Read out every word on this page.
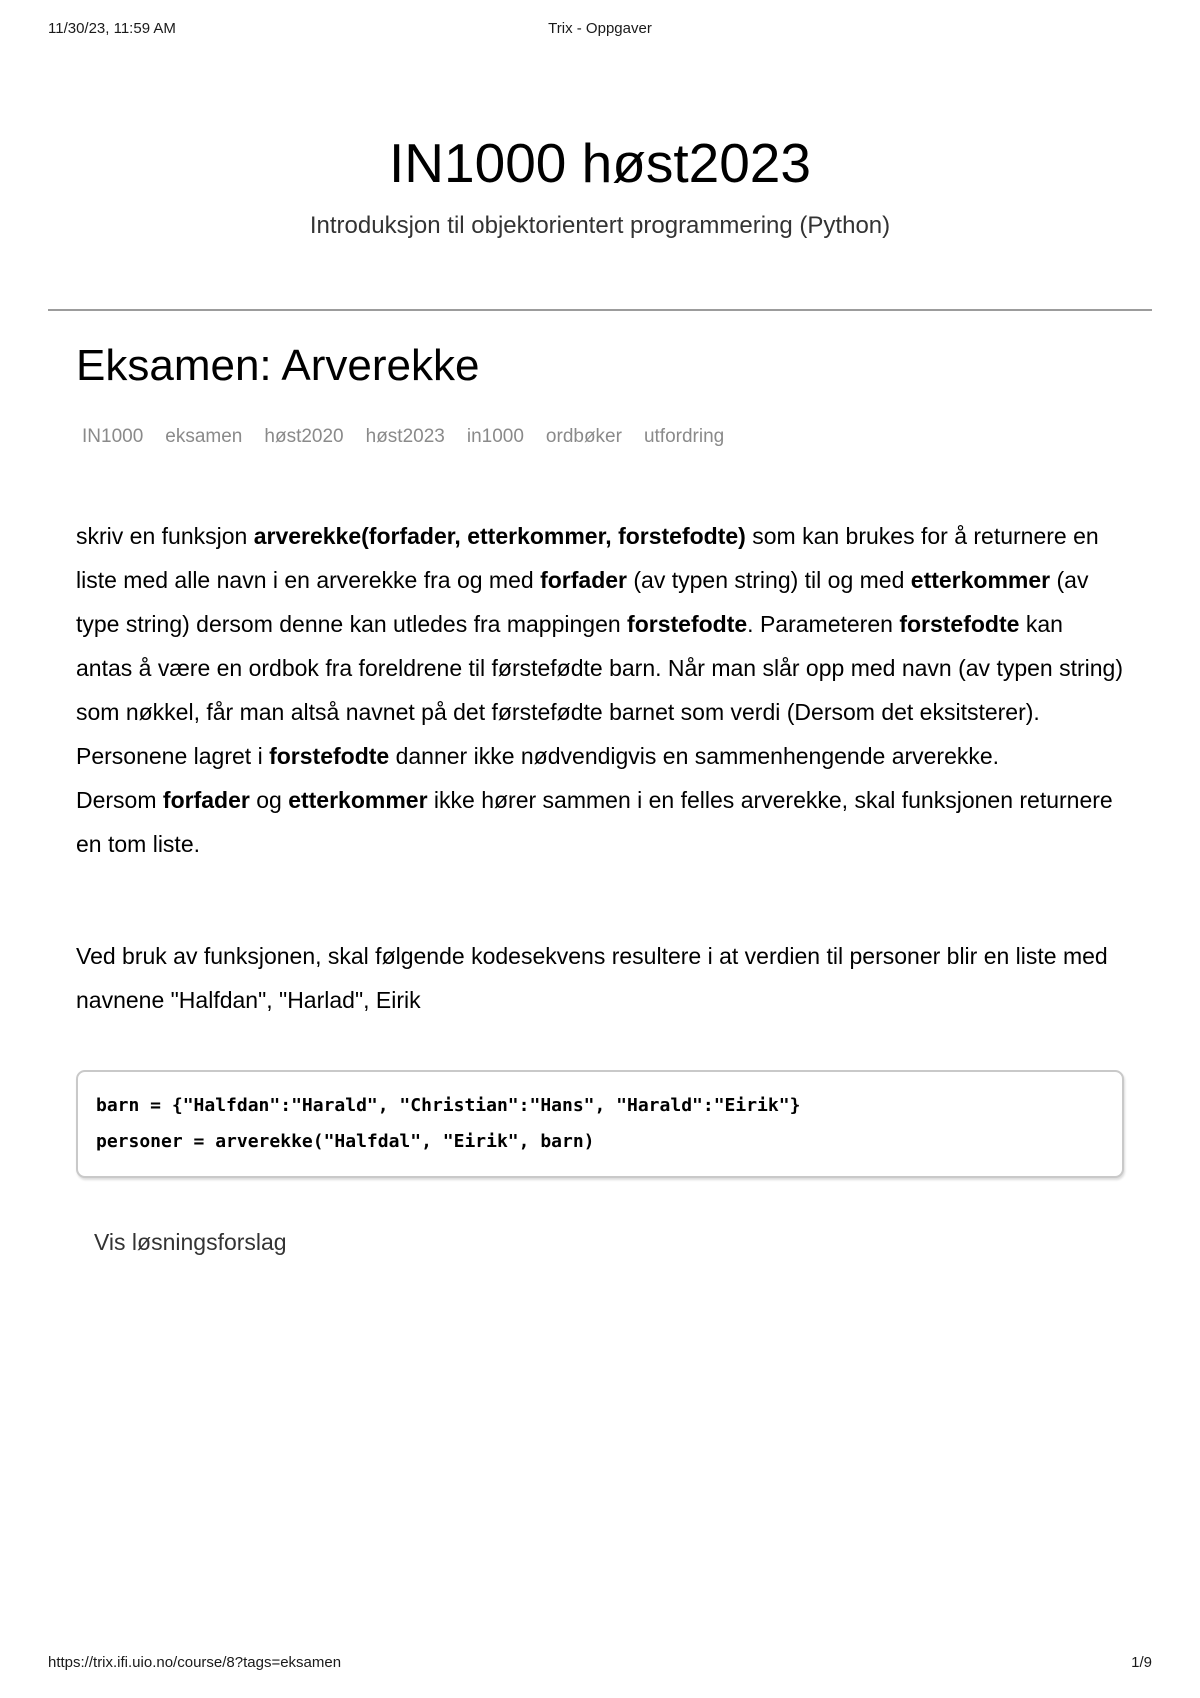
11/30/23, 11:59 AM	Trix - Oppgaver
IN1000 høst2023
Introduksjon til objektorientert programmering (Python)
Eksamen: Arverekke
IN1000 eksamen høst2020 høst2023 in1000 ordbøker utfordring

skriv en funksjon arverekke(forfader, etterkommer, forstefodte) som kan brukes for å returnere en liste med alle navn i en arverekke fra og med forfader (av typen string) til og med etterkommer (av type string) dersom denne kan utledes fra mappingen forstefodte. Parameteren forstefodte kan antas å være en ordbok fra foreldrene til førstefødte barn. Når man slår opp med navn (av typen string) som nøkkel, får man altså navnet på det førstefødte barnet som verdi (Dersom det eksitsterer). Personene lagret i forstefodte danner ikke nødvendigvis en sammenhengende arverekke.
Dersom forfader og etterkommer ikke hører sammen i en felles arverekke, skal funksjonen returnere en tom liste.

Ved bruk av funksjonen, skal følgende kodesekvens resultere i at verdien til personer blir en liste med navnene "Halfdan", "Harlad", Eirik

barn = {"Halfdan":"Harald", "Christian":"Hans", "Harald":"Eirik"}
personer = arverekke("Halfdal", "Eirik", barn)
Vis løsningsforslag
https://trix.ifi.uio.no/course/8?tags=eksamen	1/9
